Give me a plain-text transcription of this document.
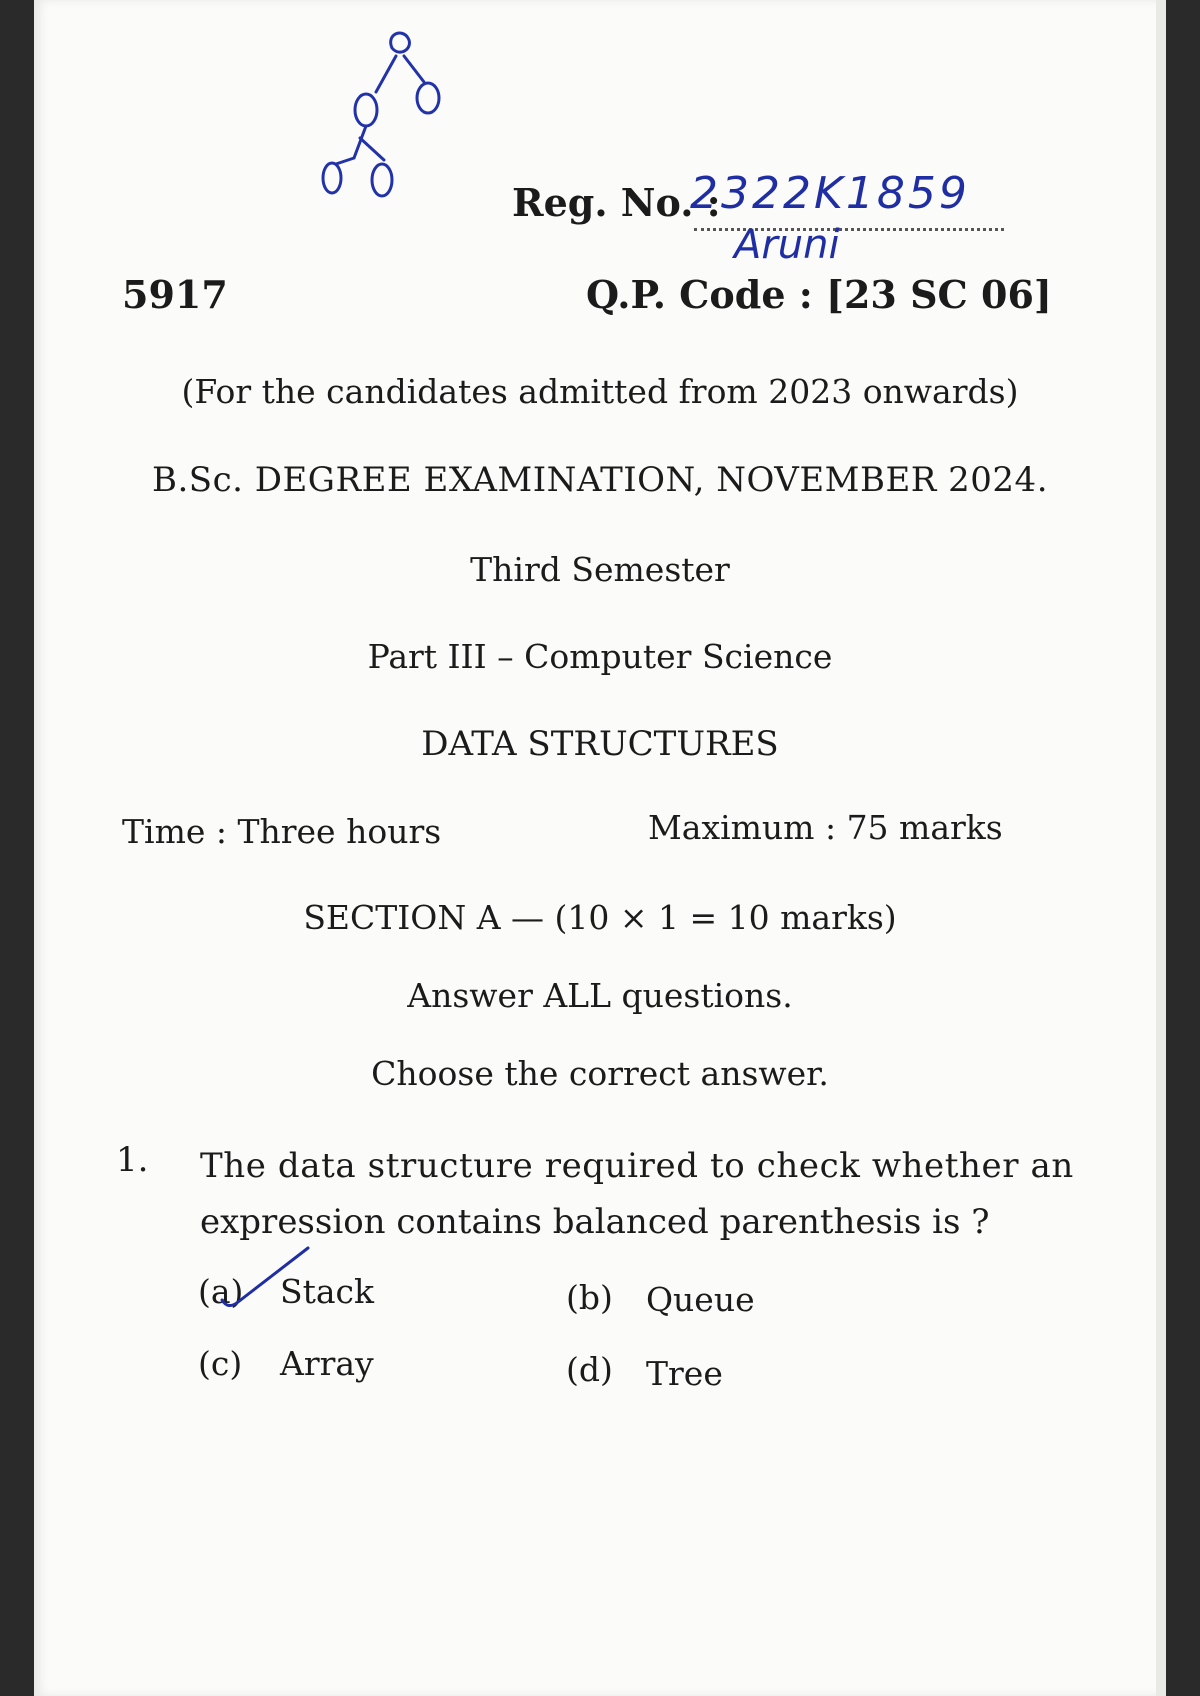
Reg. No. :
2322K1859
Aruni
5917	Q.P. Code : [23 SC 06]
(For the candidates admitted from 2023 onwards)
B.Sc. DEGREE EXAMINATION, NOVEMBER 2024.
Third Semester
Part III – Computer Science
DATA STRUCTURES
Time : Three hours	Maximum : 75 marks
SECTION A — (10 × 1 = 10 marks)
Answer ALL questions.
Choose the correct answer.
1. The data structure required to check whether an
expression contains balanced parenthesis is ?
(a) Stack	(b) Queue
(c) Array	(d) Tree
